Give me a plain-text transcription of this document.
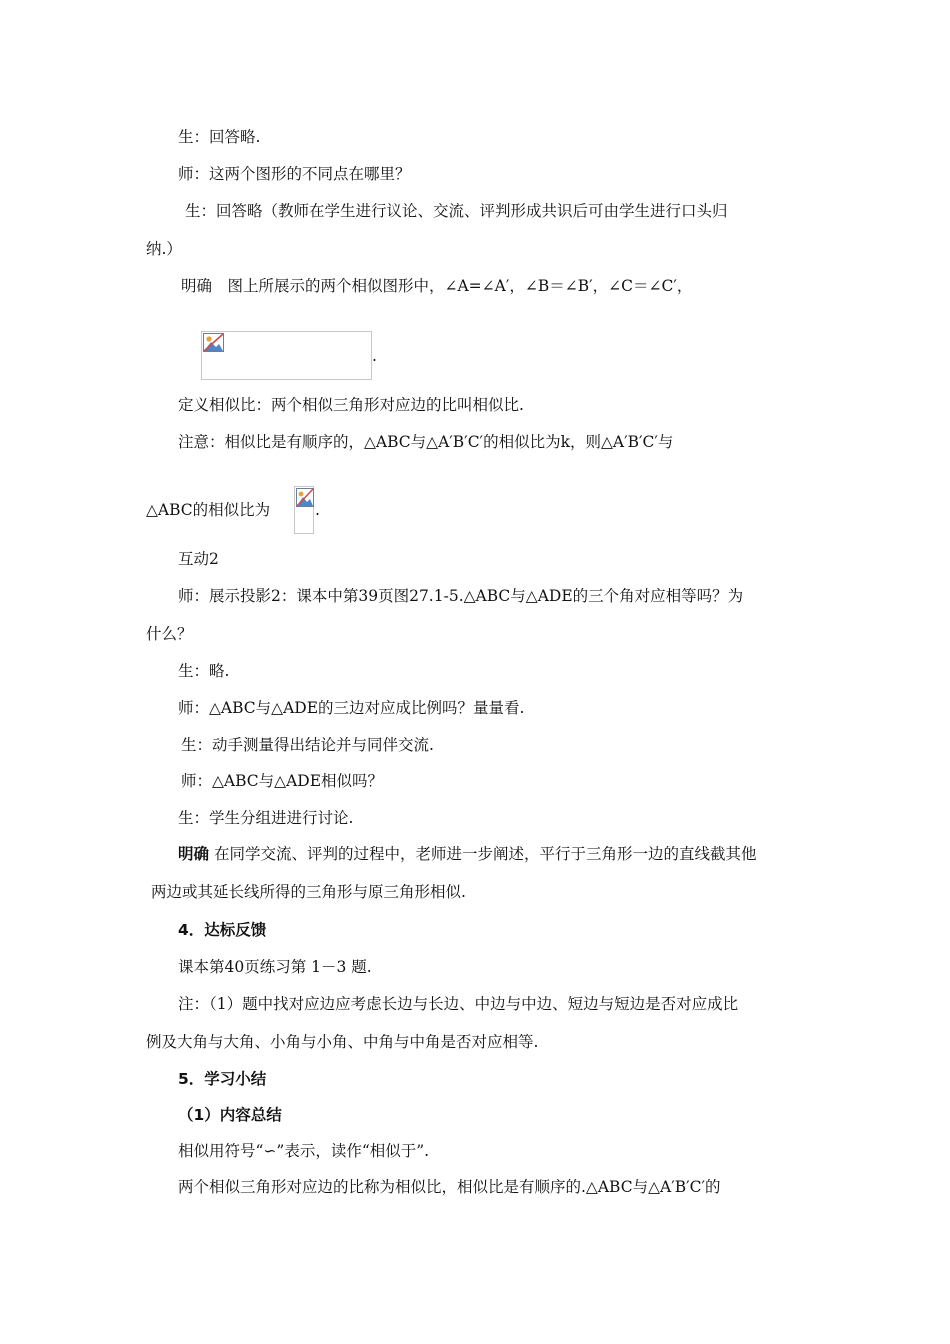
生：回答略.
师：这两个图形的不同点在哪里？
生：回答略（教师在学生进行议论、交流、评判形成共识后可由学生进行口头归
纳.）
明确　图上所展示的两个相似图形中，∠A=∠A′，∠B＝∠B′，∠C＝∠C′，
.
定义相似比：两个相似三角形对应边的比叫相似比.
注意：相似比是有顺序的，△ABC与△A′B′C′的相似比为k，则△A′B′C′与
△ABC的相似比为	.
互动2
师：展示投影2：课本中第39页图27.1-5.△ABC与△ADE的三个角对应相等吗？为
什么？
生：略.
师：△ABC与△ADE的三边对应成比例吗？量量看.
生：动手测量得出结论并与同伴交流.
师：△ABC与△ADE相似吗？
生：学生分组进进行讨论.
明确 在同学交流、评判的过程中，老师进一步阐述，平行于三角形一边的直线截其他
两边或其延长线所得的三角形与原三角形相似.
4．达标反馈
课本第40页练习第 1－3 题.
注：（1）题中找对应边应考虑长边与长边、中边与中边、短边与短边是否对应成比
例及大角与大角、小角与小角、中角与中角是否对应相等.
5．学习小结
（1）内容总结
相似用符号“∽”表示，读作“相似于”.
两个相似三角形对应边的比称为相似比，相似比是有顺序的.△ABC与△A′B′C′的
